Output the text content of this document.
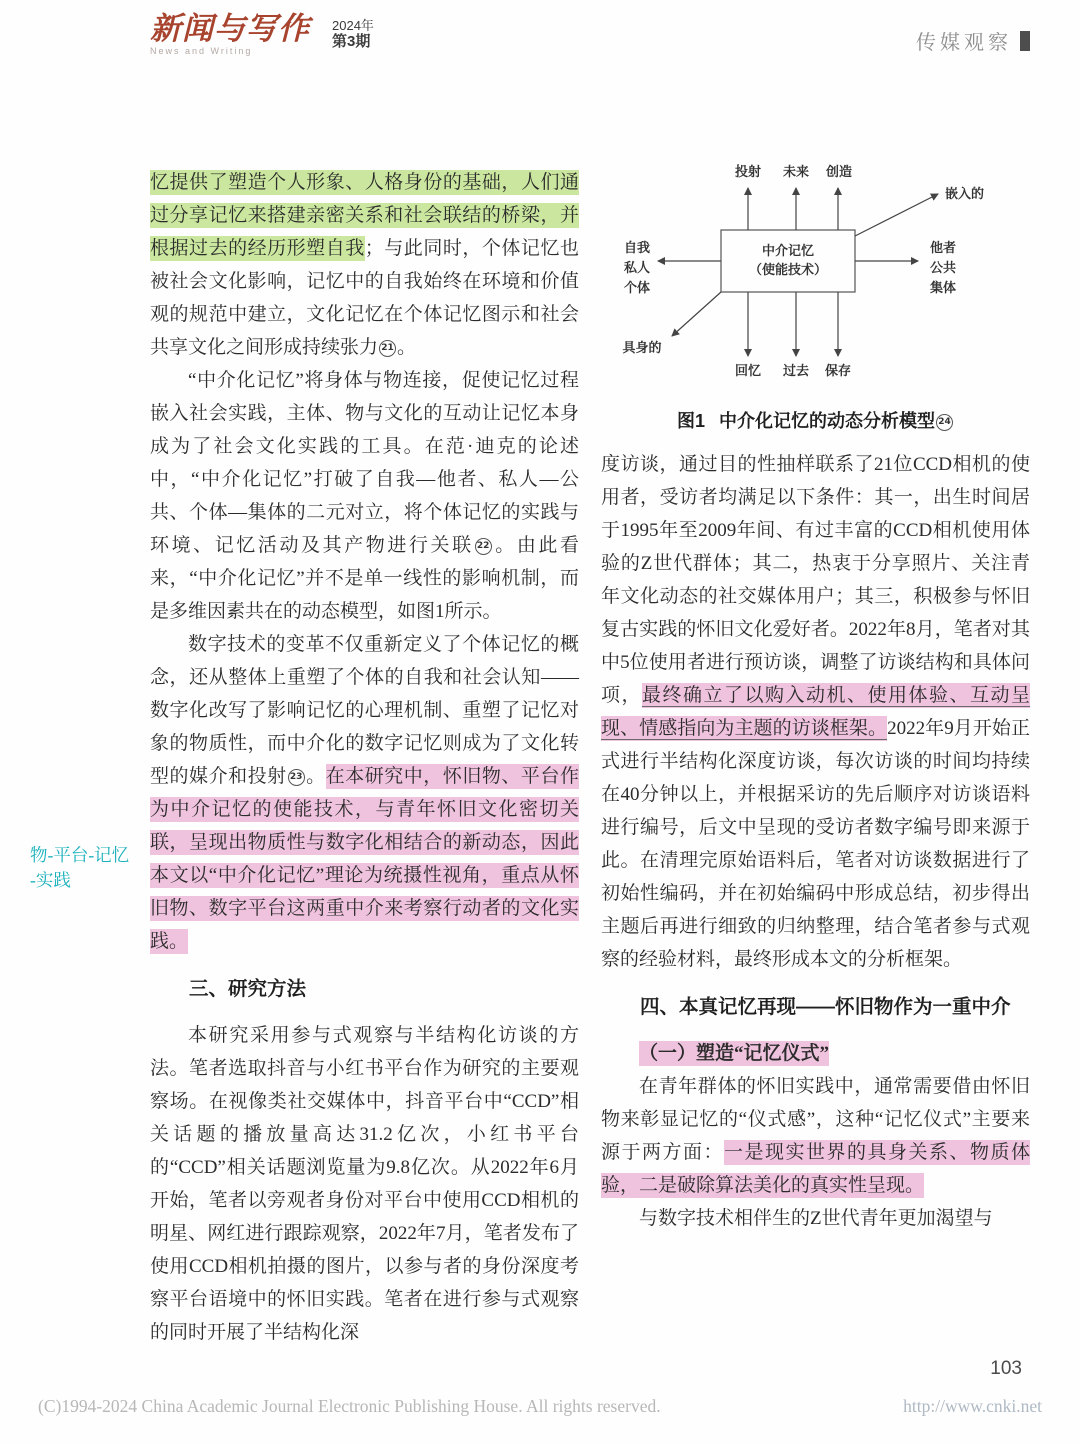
新闻与写作
News and Writing
2024年
第3期	传媒观察
物-平台-记忆
-实践

忆提供了塑造个人形象、人格身份的基础，人们通过分享记忆来搭建亲密关系和社会联结的桥梁，并根据过去的经历形塑自我；与此同时，个体记忆也被社会文化影响，记忆中的自我始终在环境和价值观的规范中建立，文化记忆在个体记忆图示和社会共享文化之间形成持续张力 21 。

“中介化记忆”将身体与物连接，促使记忆过程嵌入社会实践，主体、物与文化的互动让记忆本身成为了社会文化实践的工具。在范·迪克的论述中，“中介化记忆”打破了自我—他者、私人—公共、个体—集体的二元对立，将个体记忆的实践与环境、记忆活动及其产物进行关联 22 。由此看来，“中介化记忆”并不是单一线性的影响机制，而是多维因素共在的动态模型，如图1所示。

数字技术的变革不仅重新定义了个体记忆的概念，还从整体上重塑了个体的自我和社会认知——数字化改写了影响记忆的心理机制、重塑了记忆对象的物质性，而中介化的数字记忆则成为了文化转型的媒介和投射 23 。在本研究中，怀旧物、平台作为中介记忆的使能技术，与青年怀旧文化密切关联，呈现出物质性与数字化相结合的新动态，因此本文以“中介化记忆”理论为统摄性视角，重点从怀旧物、数字平台这两重中介来考察行动者的文化实践。

三、研究方法

本研究采用参与式观察与半结构化访谈的方法。笔者选取抖音与小红书平台作为研究的主要观察场。在视像类社交媒体中，抖音平台中“CCD”相关话题的播放量高达31.2亿次，小红书平台的“CCD”相关话题浏览量为9.8亿次。从2022年6月开始，笔者以旁观者身份对平台中使用CCD相机的明星、网红进行跟踪观察，2022年7月，笔者发布了使用CCD相机拍摄的图片，以参与者的身份深度考察平台语境中的怀旧实践。笔者在进行参与式观察的同时开展了半结构化深

中介记忆
（使能技术）
投射 未来 创造
嵌入的
他者
公共
集体
自我
私人
个体
具身的
回忆 过去 保存
图1 中介化记忆的动态分析模型 24

度访谈，通过目的性抽样联系了21位CCD相机的使用者，受访者均满足以下条件：其一，出生时间居于1995年至2009年间、有过丰富的CCD相机使用体验的Z世代群体；其二，热衷于分享照片、关注青年文化动态的社交媒体用户；其三，积极参与怀旧复古实践的怀旧文化爱好者。2022年8月，笔者对其中5位使用者进行预访谈，调整了访谈结构和具体问项，最终确立了以购入动机、使用体验、互动呈现、情感指向为主题的访谈框架。2022年9月开始正式进行半结构化深度访谈，每次访谈的时间均持续在40分钟以上，并根据采访的先后顺序对访谈语料进行编号，后文中呈现的受访者数字编号即来源于此。在清理完原始语料后，笔者对访谈数据进行了初始性编码，并在初始编码中形成总结，初步得出主题后再进行细致的归纳整理，结合笔者参与式观察的经验材料，最终形成本文的分析框架。

四、本真记忆再现——怀旧物作为一重中介

（一）塑造“记忆仪式”

在青年群体的怀旧实践中，通常需要借由怀旧物来彰显记忆的“仪式感”，这种“记忆仪式”主要来源于两方面：一是现实世界的具身关系、物质体验，二是破除算法美化的真实性呈现。

与数字技术相伴生的Z世代青年更加渴望与

103
(C)1994-2024 China Academic Journal Electronic Publishing House. All rights reserved.	http://www.cnki.net
